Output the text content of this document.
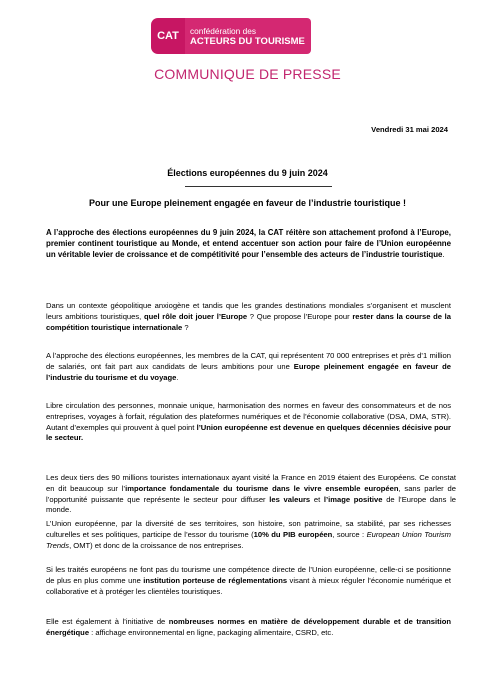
CAT	confédération des
ACTEURS DU TOURISME
COMMUNIQUE DE PRESSE
Vendredi 31 mai 2024
Élections européennes du 9 juin 2024
Pour une Europe pleinement engagée en faveur de l’industrie touristique !
A l’approche des élections européennes du 9 juin 2024, la CAT réitère son attachement profond à l’Europe, premier continent touristique au Monde, et entend accentuer son action pour faire de l’Union européenne un véritable levier de croissance et de compétitivité pour l’ensemble des acteurs de l’industrie touristique.
Dans un contexte géopolitique anxiogène et tandis que les grandes destinations mondiales s’organisent et musclent leurs ambitions touristiques, quel rôle doit jouer l’Europe ? Que propose l’Europe pour rester dans la course de la compétition touristique internationale ?
A l’approche des élections européennes, les membres de la CAT, qui représentent 70 000 entreprises et près d’1 million de salariés, ont fait part aux candidats de leurs ambitions pour une Europe pleinement engagée en faveur de l’industrie du tourisme et du voyage.
Libre circulation des personnes, monnaie unique, harmonisation des normes en faveur des consommateurs et de nos entreprises, voyages à forfait, régulation des plateformes numériques et de l’économie collaborative (DSA, DMA, STR). Autant d’exemples qui prouvent à quel point l’Union européenne est devenue en quelques décennies décisive pour le secteur.
Les deux tiers des 90 millions touristes internationaux ayant visité la France en 2019 étaient des Européens. Ce constat en dit beaucoup sur l’importance fondamentale du tourisme dans le vivre ensemble européen, sans parler de l’opportunité puissante que représente le secteur pour diffuser les valeurs et l’image positive de l’Europe dans le monde.
L’Union européenne, par la diversité de ses territoires, son histoire, son patrimoine, sa stabilité, par ses richesses culturelles et ses politiques, participe de l’essor du tourisme (10% du PIB européen, source : European Union Tourism Trends, OMT) et donc de la croissance de nos entreprises.
Si les traités européens ne font pas du tourisme une compétence directe de l’Union européenne, celle-ci se positionne de plus en plus comme une institution porteuse de réglementations visant à mieux réguler l’économie numérique et collaborative et à protéger les clientèles touristiques.
Elle est également à l’initiative de nombreuses normes en matière de développement durable et de transition énergétique : affichage environnemental en ligne, packaging alimentaire, CSRD, etc.
